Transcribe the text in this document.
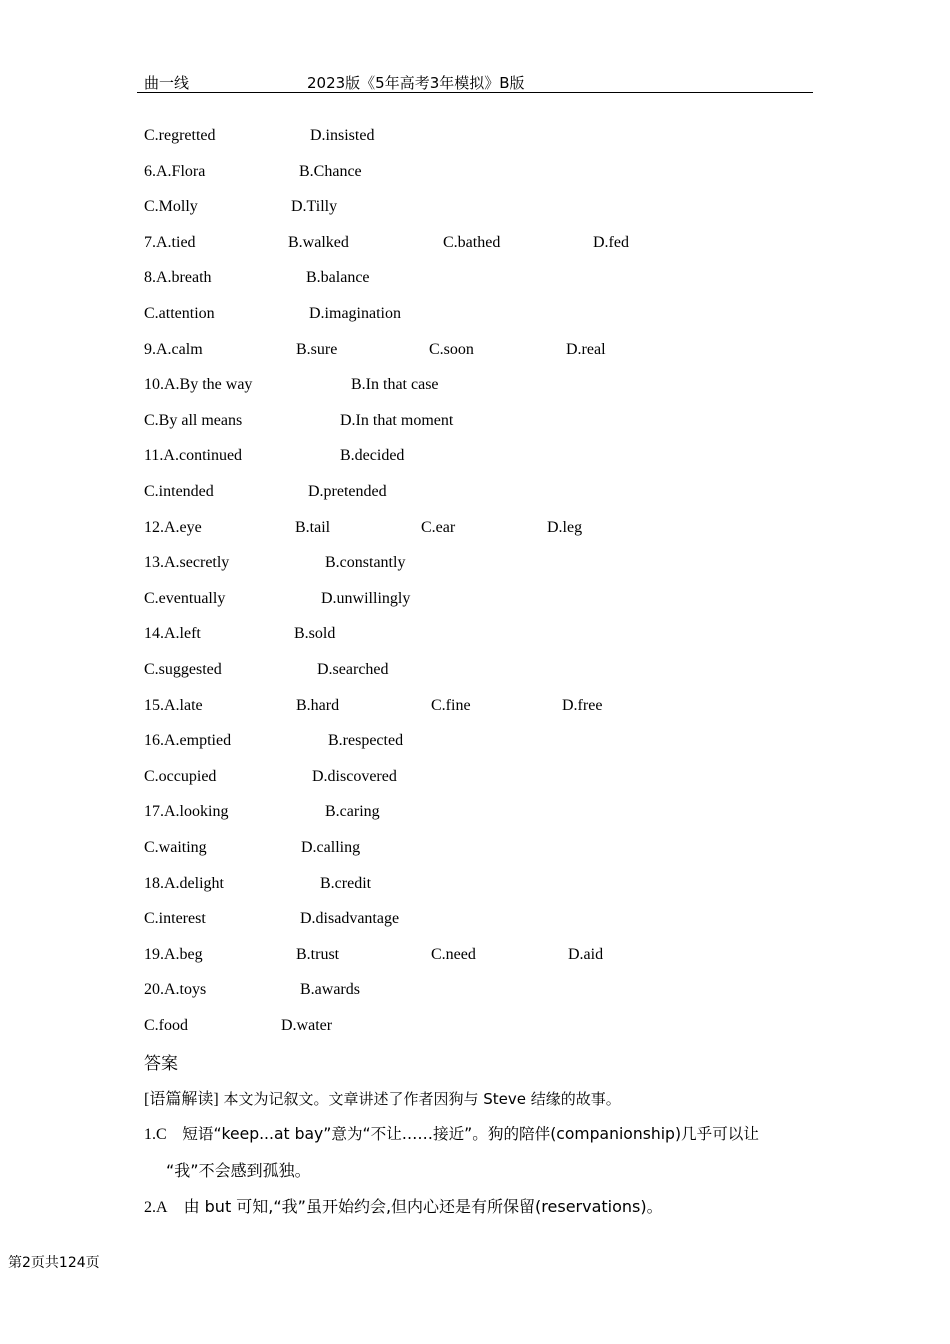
曲一线	2023版《5年高考3年模拟》B版
C.regretted	D.insisted
6.A.Flora	B.Chance
C.Molly	D.Tilly
7.A.tied	B.walked	C.bathed	D.fed
8.A.breath	B.balance
C.attention	D.imagination
9.A.calm	B.sure	C.soon	D.real
10.A.By the way	B.In that case
C.By all means	D.In that moment
11.A.continued	B.decided
C.intended	D.pretended
12.A.eye	B.tail	C.ear	D.leg
13.A.secretly	B.constantly
C.eventually	D.unwillingly
14.A.left	B.sold
C.suggested	D.searched
15.A.late	B.hard	C.fine	D.free
16.A.emptied	B.respected
C.occupied	D.discovered
17.A.looking	B.caring
C.waiting	D.calling
18.A.delight	B.credit
C.interest	D.disadvantage
19.A.beg	B.trust	C.need	D.aid
20.A.toys	B.awards
C.food	D.water
答案
[语篇解读] 本文为记叙文。文章讲述了作者因狗与 Steve 结缘的故事。
1.C　短语“keep...at bay”意为“不让……接近”。狗的陪伴(companionship)几乎可以让
“我”不会感到孤独。
2.A　由 but 可知,“我”虽开始约会,但内心还是有所保留(reservations)。
第2页共124页
